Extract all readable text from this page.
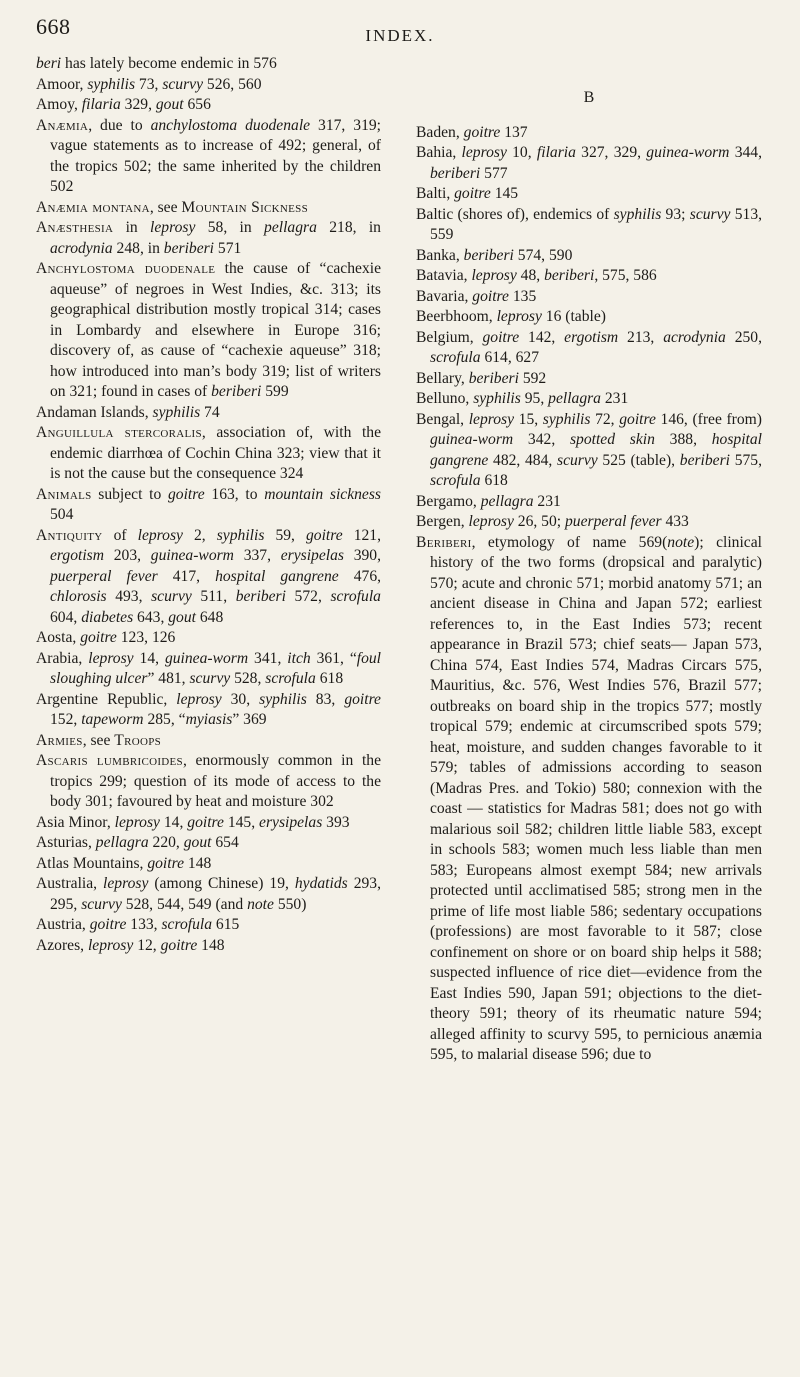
668	INDEX.

beri has lately become endemic in 576

Amoor, syphilis 73, scurvy 526, 560

Amoy, filaria 329, gout 656

Anæmia, due to anchylostoma duodenale 317, 319; vague statements as to increase of 492; general, of the tropics 502; the same inherited by the children 502

Anæmia montana, see Mountain Sickness

Anæsthesia in leprosy 58, in pellagra 218, in acrodynia 248, in beriberi 571

Anchylostoma duodenale the cause of “cachexie aqueuse” of negroes in West Indies, &c. 313; its geographical distribution mostly tropical 314; cases in Lombardy and elsewhere in Europe 316; discovery of, as cause of “cachexie aqueuse” 318; how introduced into man’s body 319; list of writers on 321; found in cases of beriberi 599

Andaman Islands, syphilis 74

Anguillula stercoralis, association of, with the endemic diarrhœa of Cochin China 323; view that it is not the cause but the consequence 324

Animals subject to goitre 163, to mountain sickness 504

Antiquity of leprosy 2, syphilis 59, goitre 121, ergotism 203, guinea-worm 337, erysipelas 390, puerperal fever 417, hospital gangrene 476, chlorosis 493, scurvy 511, beriberi 572, scrofula 604, diabetes 643, gout 648

Aosta, goitre 123, 126

Arabia, leprosy 14, guinea-worm 341, itch 361, “foul sloughing ulcer” 481, scurvy 528, scrofula 618

Argentine Republic, leprosy 30, syphilis 83, goitre 152, tapeworm 285, “myiasis” 369

Armies, see Troops

Ascaris lumbricoides, enormously common in the tropics 299; question of its mode of access to the body 301; favoured by heat and moisture 302

Asia Minor, leprosy 14, goitre 145, erysipelas 393

Asturias, pellagra 220, gout 654

Atlas Mountains, goitre 148

Australia, leprosy (among Chinese) 19, hydatids 293, 295, scurvy 528, 544, 549 (and note 550)

Austria, goitre 133, scrofula 615

Azores, leprosy 12, goitre 148

B

Baden, goitre 137

Bahia, leprosy 10, filaria 327, 329, guinea-worm 344, beriberi 577

Balti, goitre 145

Baltic (shores of), endemics of syphilis 93; scurvy 513, 559

Banka, beriberi 574, 590

Batavia, leprosy 48, beriberi, 575, 586

Bavaria, goitre 135

Beerbhoom, leprosy 16 (table)

Belgium, goitre 142, ergotism 213, acrodynia 250, scrofula 614, 627

Bellary, beriberi 592

Belluno, syphilis 95, pellagra 231

Bengal, leprosy 15, syphilis 72, goitre 146, (free from) guinea-worm 342, spotted skin 388, hospital gangrene 482, 484, scurvy 525 (table), beriberi 575, scrofula 618

Bergamo, pellagra 231

Bergen, leprosy 26, 50; puerperal fever 433

Beriberi, etymology of name 569(note); clinical history of the two forms (dropsical and paralytic) 570; acute and chronic 571; morbid anatomy 571; an ancient disease in China and Japan 572; earliest references to, in the East Indies 573; recent appearance in Brazil 573; chief seats— Japan 573, China 574, East Indies 574, Madras Circars 575, Mauritius, &c. 576, West Indies 576, Brazil 577; outbreaks on board ship in the tropics 577; mostly tropical 579; endemic at circumscribed spots 579; heat, moisture, and sudden changes favorable to it 579; tables of admissions according to season (Madras Pres. and Tokio) 580; connexion with the coast — statistics for Madras 581; does not go with malarious soil 582; children little liable 583, except in schools 583; women much less liable than men 583; Europeans almost exempt 584; new arrivals protected until acclimatised 585; strong men in the prime of life most liable 586; sedentary occupations (professions) are most favorable to it 587; close confinement on shore or on board ship helps it 588; suspected influence of rice diet—evidence from the East Indies 590, Japan 591; objections to the diet-theory 591; theory of its rheumatic nature 594; alleged affinity to scurvy 595, to pernicious anæmia 595, to malarial disease 596; due to
